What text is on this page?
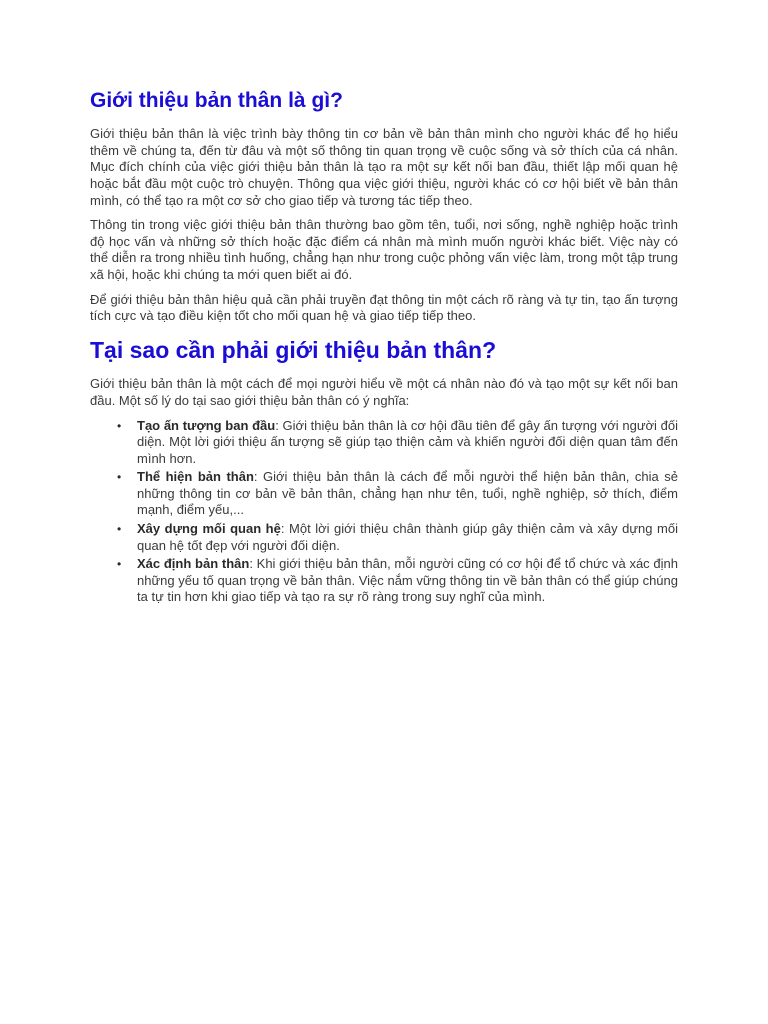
Giới thiệu bản thân là gì?

Giới thiệu bản thân là việc trình bày thông tin cơ bản về bản thân mình cho người khác để họ hiểu thêm về chúng ta, đến từ đâu và một số thông tin quan trọng về cuộc sống và sở thích của cá nhân. Mục đích chính của việc giới thiệu bản thân là tạo ra một sự kết nối ban đầu, thiết lập mối quan hệ hoặc bắt đầu một cuộc trò chuyện. Thông qua việc giới thiệu, người khác có cơ hội biết về bản thân mình, có thể tạo ra một cơ sở cho giao tiếp và tương tác tiếp theo.

Thông tin trong việc giới thiệu bản thân thường bao gồm tên, tuổi, nơi sống, nghề nghiệp hoặc trình độ học vấn và những sở thích hoặc đặc điểm cá nhân mà mình muốn người khác biết. Việc này có thể diễn ra trong nhiều tình huống, chẳng hạn như trong cuộc phỏng vấn việc làm, trong một tập trung xã hội, hoặc khi chúng ta mới quen biết ai đó.

Để giới thiệu bản thân hiệu quả cần phải truyền đạt thông tin một cách rõ ràng và tự tin, tạo ấn tượng tích cực và tạo điều kiện tốt cho mối quan hệ và giao tiếp tiếp theo.

Tại sao cần phải giới thiệu bản thân?

Giới thiệu bản thân là một cách để mọi người hiểu về một cá nhân nào đó và tạo một sự kết nối ban đầu. Một số lý do tại sao giới thiệu bản thân có ý nghĩa:

• Tạo ấn tượng ban đầu: Giới thiệu bản thân là cơ hội đầu tiên để gây ấn tượng với người đối diện. Một lời giới thiệu ấn tượng sẽ giúp tạo thiện cảm và khiến người đối diện quan tâm đến mình hơn.
• Thể hiện bản thân: Giới thiệu bản thân là cách để mỗi người thể hiện bản thân, chia sẻ những thông tin cơ bản về bản thân, chẳng hạn như tên, tuổi, nghề nghiệp, sở thích, điểm mạnh, điểm yếu,...
• Xây dựng mối quan hệ: Một lời giới thiệu chân thành giúp gây thiện cảm và xây dựng mối quan hệ tốt đẹp với người đối diện.
• Xác định bản thân: Khi giới thiệu bản thân, mỗi người cũng có cơ hội để tổ chức và xác định những yếu tố quan trọng về bản thân. Việc nắm vững thông tin về bản thân có thể giúp chúng ta tự tin hơn khi giao tiếp và tạo ra sự rõ ràng trong suy nghĩ của mình.
